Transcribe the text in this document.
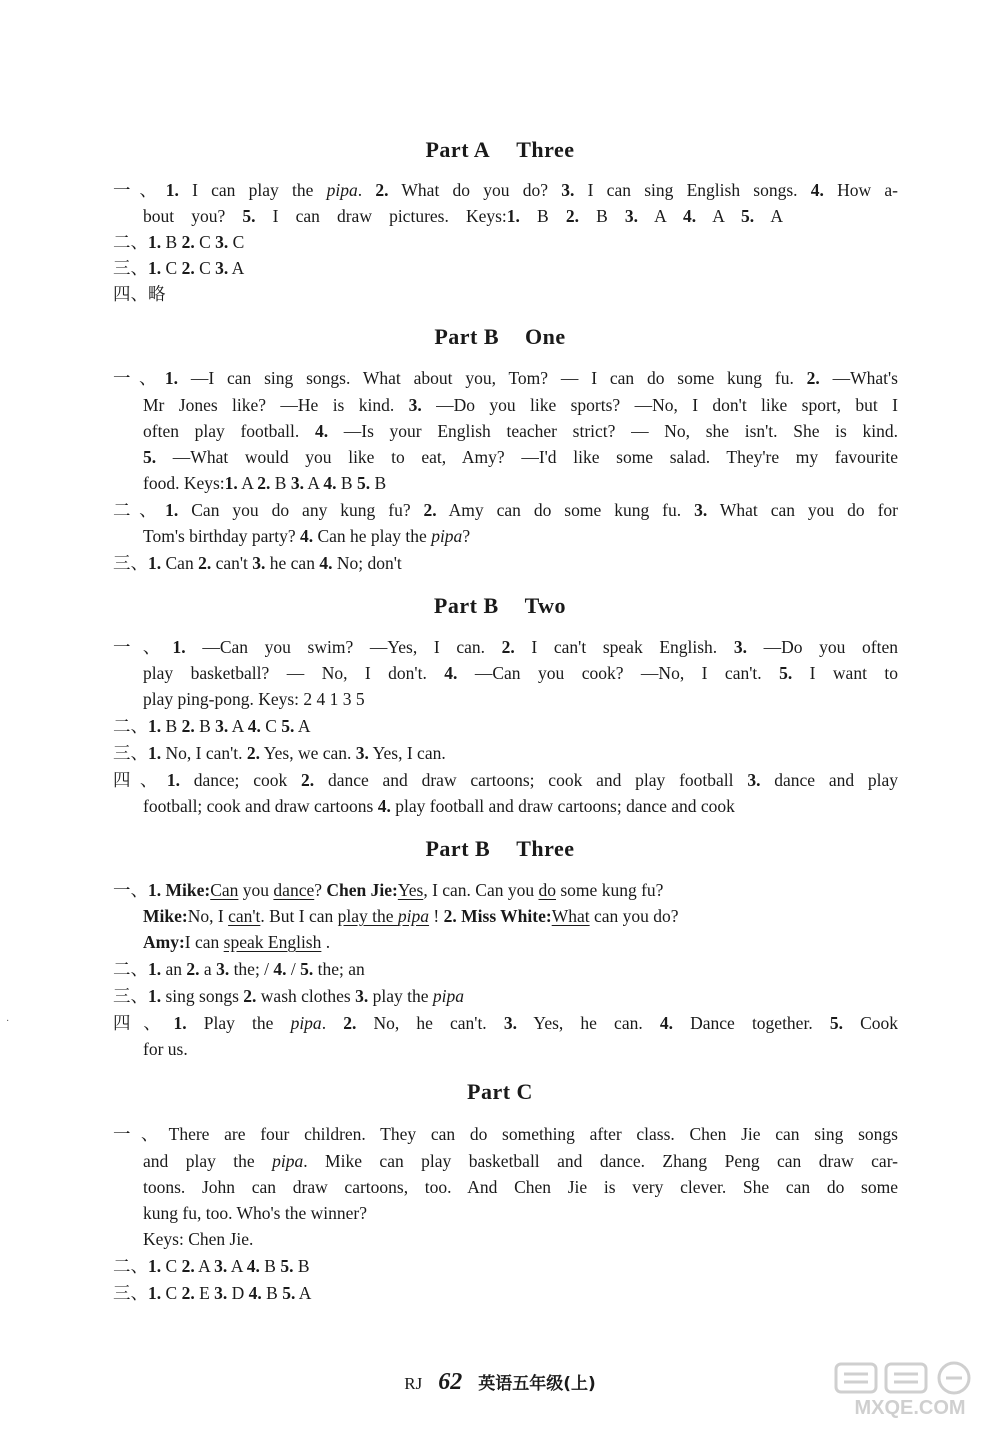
Part A Three
一、1. I can play the pipa. 2. What do you do? 3. I can sing English songs. 4. How a-
bout you? 5. I can draw pictures. Keys:1. B 2. B 3. A 4. A 5. A
二、1. B 2. C 3. C
三、1. C 2. C 3. A
四、略
Part B One
一、1. —I can sing songs. What about you, Tom? — I can do some kung fu. 2. —What's
Mr Jones like? —He is kind. 3. —Do you like sports? —No, I don't like sport, but I
often play football. 4. —Is your English teacher strict? — No, she isn't. She is kind.
5. —What would you like to eat, Amy? —I'd like some salad. They're my favourite
food. Keys:1. A 2. B 3. A 4. B 5. B
二、1. Can you do any kung fu? 2. Amy can do some kung fu. 3. What can you do for
Tom's birthday party? 4. Can he play the pipa?
三、1. Can 2. can't 3. he can 4. No; don't
Part B Two
一、1. —Can you swim? —Yes, I can. 2. I can't speak English. 3. —Do you often
play basketball? — No, I don't. 4. —Can you cook? —No, I can't. 5. I want to
play ping-pong. Keys: 2 4 1 3 5
二、1. B 2. B 3. A 4. C 5. A
三、1. No, I can't. 2. Yes, we can. 3. Yes, I can.
四、1. dance; cook 2. dance and draw cartoons; cook and play football 3. dance and play
football; cook and draw cartoons 4. play football and draw cartoons; dance and cook
Part B Three
一、1. Mike:Can you dance? Chen Jie:Yes, I can. Can you do some kung fu?
Mike:No, I can't. But I can play the pipa ! 2. Miss White:What can you do?
Amy:I can speak English .
二、1. an 2. a 3. the; / 4. / 5. the; an
三、1. sing songs 2. wash clothes 3. play the pipa
四、1. Play the pipa. 2. No, he can't. 3. Yes, he can. 4. Dance together. 5. Cook
for us.
Part C
一、There are four children. They can do something after class. Chen Jie can sing songs
and play the pipa. Mike can play basketball and dance. Zhang Peng can draw car-
toons. John can draw cartoons, too. And Chen Jie is very clever. She can do some
kung fu, too. Who's the winner?
Keys: Chen Jie.
二、1. C 2. A 3. A 4. B 5. B
三、1. C 2. E 3. D 4. B 5. A
·
RJ 62 英语五年级(上)
MXQE.COM
